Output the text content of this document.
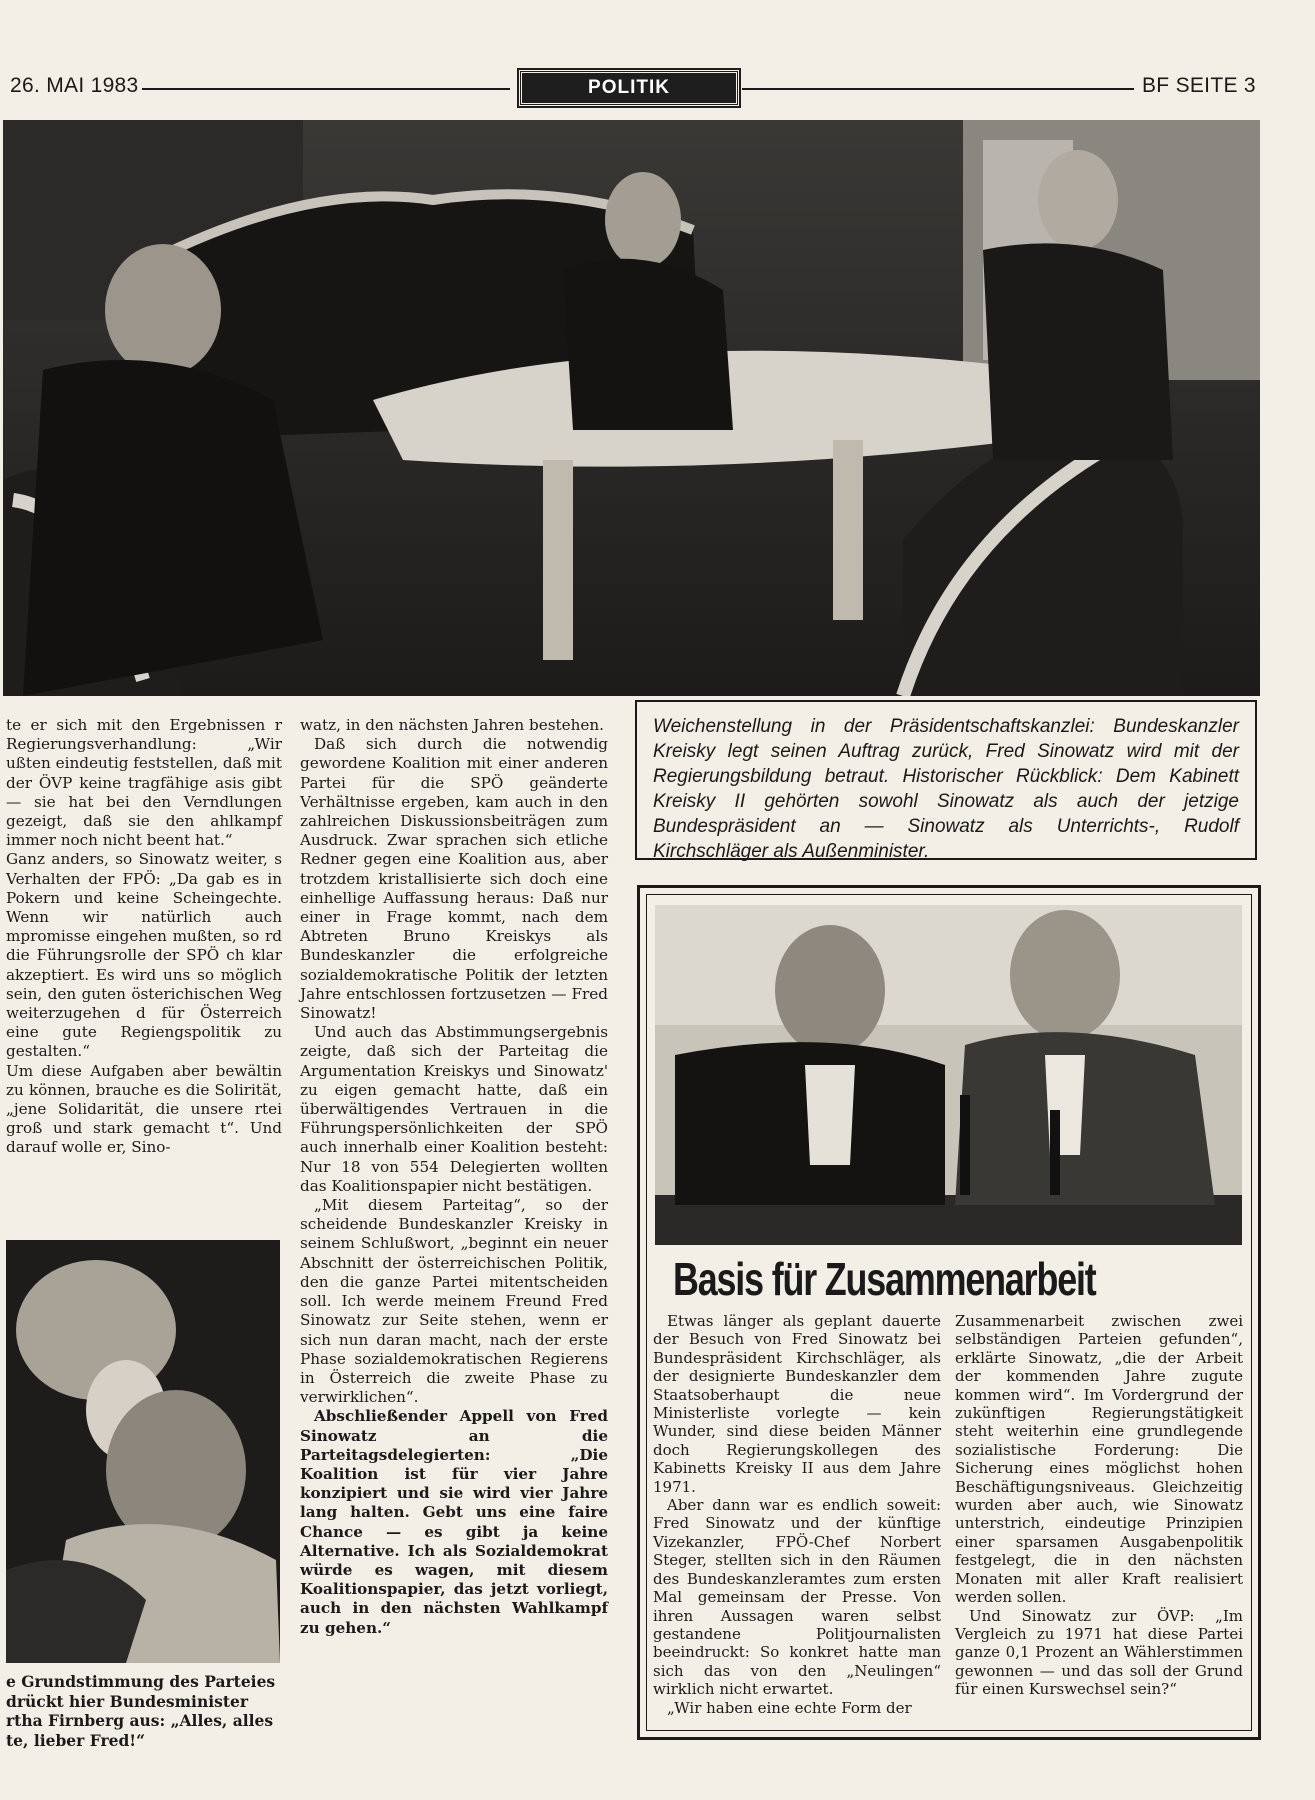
26. MAI 1983	POLITIK	BF SEITE 3
Weichenstellung in der Präsidentschaftskanzlei: Bundeskanzler Kreisky legt seinen Auftrag zurück, Fred Sinowatz wird mit der Regierungsbildung betraut. Historischer Rückblick: Dem Kabinett Kreisky II gehörten sowohl Sinowatz als auch der jetzige Bundespräsident an — Sinowatz als Unterrichts-, Rudolf Kirchschläger als Außenminister.

te er sich mit den Ergebnissen r Regierungsverhandlung: „Wir ußten eindeutig feststellen, daß mit der ÖVP keine tragfähige asis gibt — sie hat bei den Verndlungen gezeigt, daß sie den ahlkampf immer noch nicht beent hat.“

Ganz anders, so Sinowatz weiter, s Verhalten der FPÖ: „Da gab es in Pokern und keine Scheingechte. Wenn wir natürlich auch mpromisse eingehen mußten, so rd die Führungsrolle der SPÖ ch klar akzeptiert. Es wird uns so möglich sein, den guten österichischen Weg weiterzugehen d für Österreich eine gute Regiengspolitik zu gestalten.“

Um diese Aufgaben aber bewältin zu können, brauche es die Solirität, „jene Solidarität, die unsere rtei groß und stark gemacht t“. Und darauf wolle er, Sino-

e Grundstimmung des Parteies drückt hier Bundesminister rtha Firnberg aus: „Alles, alles te, lieber Fred!“

watz, in den nächsten Jahren bestehen.

Daß sich durch die notwendig gewordene Koalition mit einer anderen Partei für die SPÖ geänderte Verhältnisse ergeben, kam auch in den zahlreichen Diskussionsbeiträgen zum Ausdruck. Zwar sprachen sich etliche Redner gegen eine Koalition aus, aber trotzdem kristallisierte sich doch eine einhellige Auffassung heraus: Daß nur einer in Frage kommt, nach dem Abtreten Bruno Kreiskys als Bundeskanzler die erfolgreiche sozialdemokratische Politik der letzten Jahre entschlossen fortzusetzen — Fred Sinowatz!

Und auch das Abstimmungsergebnis zeigte, daß sich der Parteitag die Argumentation Kreiskys und Sinowatz' zu eigen gemacht hatte, daß ein überwältigendes Vertrauen in die Führungspersönlichkeiten der SPÖ auch innerhalb einer Koalition besteht: Nur 18 von 554 Delegierten wollten das Koalitionspapier nicht bestätigen.

„Mit diesem Parteitag“, so der scheidende Bundeskanzler Kreisky in seinem Schlußwort, „beginnt ein neuer Abschnitt der österreichischen Politik, den die ganze Partei mitentscheiden soll. Ich werde meinem Freund Fred Sinowatz zur Seite stehen, wenn er sich nun daran macht, nach der erste Phase sozialdemokratischen Regierens in Österreich die zweite Phase zu verwirklichen“.

Abschließender Appell von Fred Sinowatz an die Parteitagsdelegierten: „Die Koalition ist für vier Jahre konzipiert und sie wird vier Jahre lang halten. Gebt uns eine faire Chance — es gibt ja keine Alternative. Ich als Sozialdemokrat würde es wagen, mit diesem Koalitionspapier, das jetzt vorliegt, auch in den nächsten Wahlkampf zu gehen.“

Basis für Zusammenarbeit

Etwas länger als geplant dauerte der Besuch von Fred Sinowatz bei Bundespräsident Kirchschläger, als der designierte Bundeskanzler dem Staatsoberhaupt die neue Ministerliste vorlegte — kein Wunder, sind diese beiden Männer doch Regierungskollegen des Kabinetts Kreisky II aus dem Jahre 1971.

Aber dann war es endlich soweit: Fred Sinowatz und der künftige Vizekanzler, FPÖ-Chef Norbert Steger, stellten sich in den Räumen des Bundeskanzleramtes zum ersten Mal gemeinsam der Presse. Von ihren Aussagen waren selbst gestandene Politjournalisten beeindruckt: So konkret hatte man sich das von den „Neulingen“ wirklich nicht erwartet.

„Wir haben eine echte Form der

Zusammenarbeit zwischen zwei selbständigen Parteien gefunden“, erklärte Sinowatz, „die der Arbeit der kommenden Jahre zugute kommen wird“. Im Vordergrund der zukünftigen Regierungstätigkeit steht weiterhin eine grundlegende sozialistische Forderung: Die Sicherung eines möglichst hohen Beschäftigungsniveaus. Gleichzeitig wurden aber auch, wie Sinowatz unterstrich, eindeutige Prinzipien einer sparsamen Ausgabenpolitik festgelegt, die in den nächsten Monaten mit aller Kraft realisiert werden sollen.

Und Sinowatz zur ÖVP: „Im Vergleich zu 1971 hat diese Partei ganze 0,1 Prozent an Wählerstimmen gewonnen — und das soll der Grund für einen Kurswechsel sein?“
